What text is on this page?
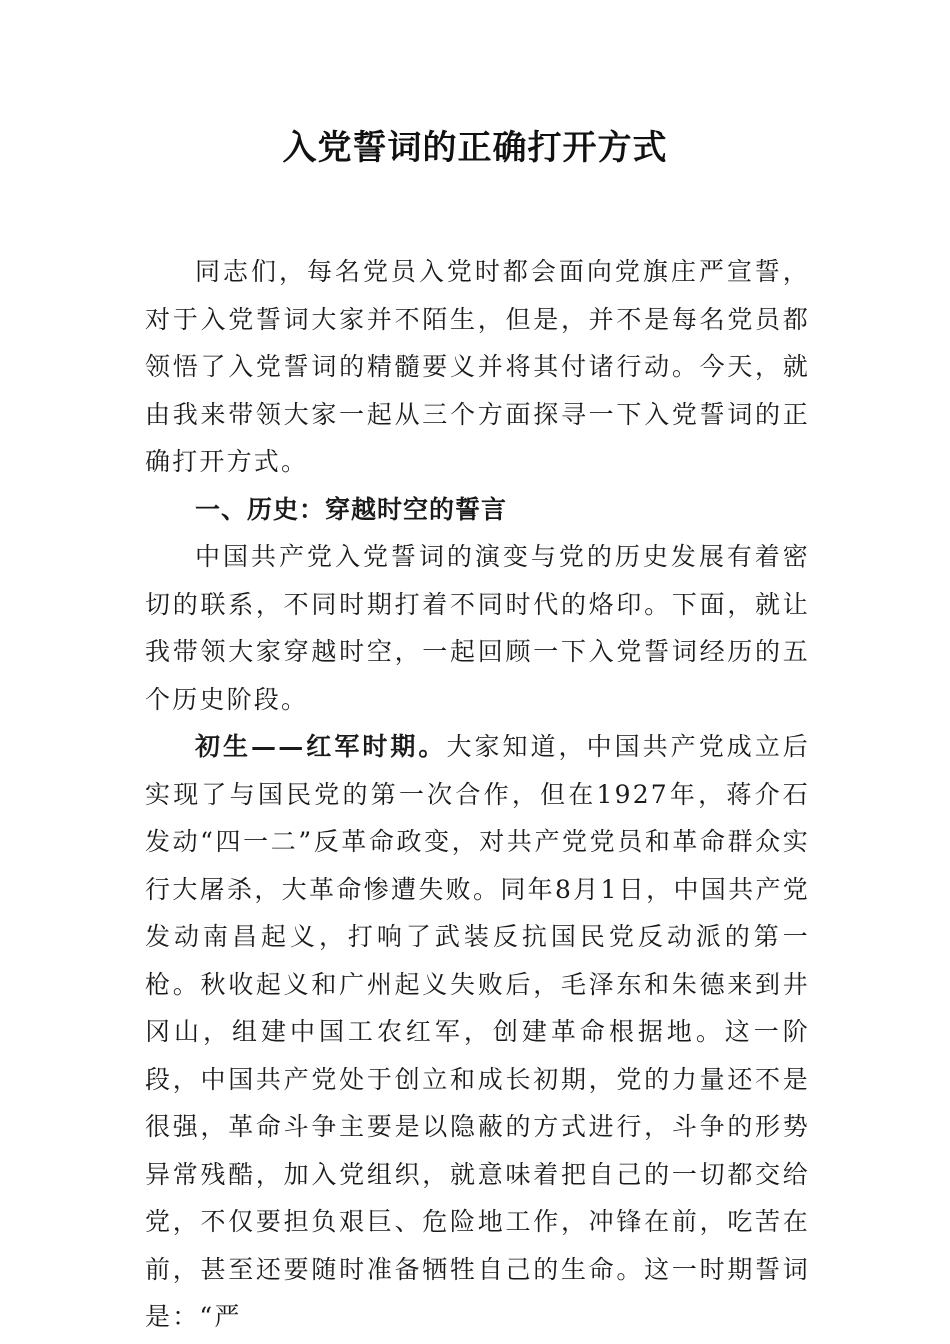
入党誓词的正确打开方式

同志们，每名党员入党时都会面向党旗庄严宣誓，对于入党誓词大家并不陌生，但是，并不是每名党员都领悟了入党誓词的精髓要义并将其付诸行动。今天，就由我来带领大家一起从三个方面探寻一下入党誓词的正确打开方式。

一、历史：穿越时空的誓言

中国共产党入党誓词的演变与党的历史发展有着密切的联系，不同时期打着不同时代的烙印。下面，就让我带领大家穿越时空，一起回顾一下入党誓词经历的五个历史阶段。

初生——红军时期。大家知道，中国共产党成立后实现了与国民党的第一次合作，但在1927年，蒋介石发动“四一二”反革命政变，对共产党党员和革命群众实行大屠杀，大革命惨遭失败。同年8月1日，中国共产党发动南昌起义，打响了武装反抗国民党反动派的第一枪。秋收起义和广州起义失败后，毛泽东和朱德来到井冈山，组建中国工农红军，创建革命根据地。这一阶段，中国共产党处于创立和成长初期，党的力量还不是很强，革命斗争主要是以隐蔽的方式进行，斗争的形势异常残酷，加入党组织，就意味着把自己的一切都交给党，不仅要担负艰巨、危险地工作，冲锋在前，吃苦在前，甚至还要随时准备牺牲自己的生命。这一时期誓词是：“严
